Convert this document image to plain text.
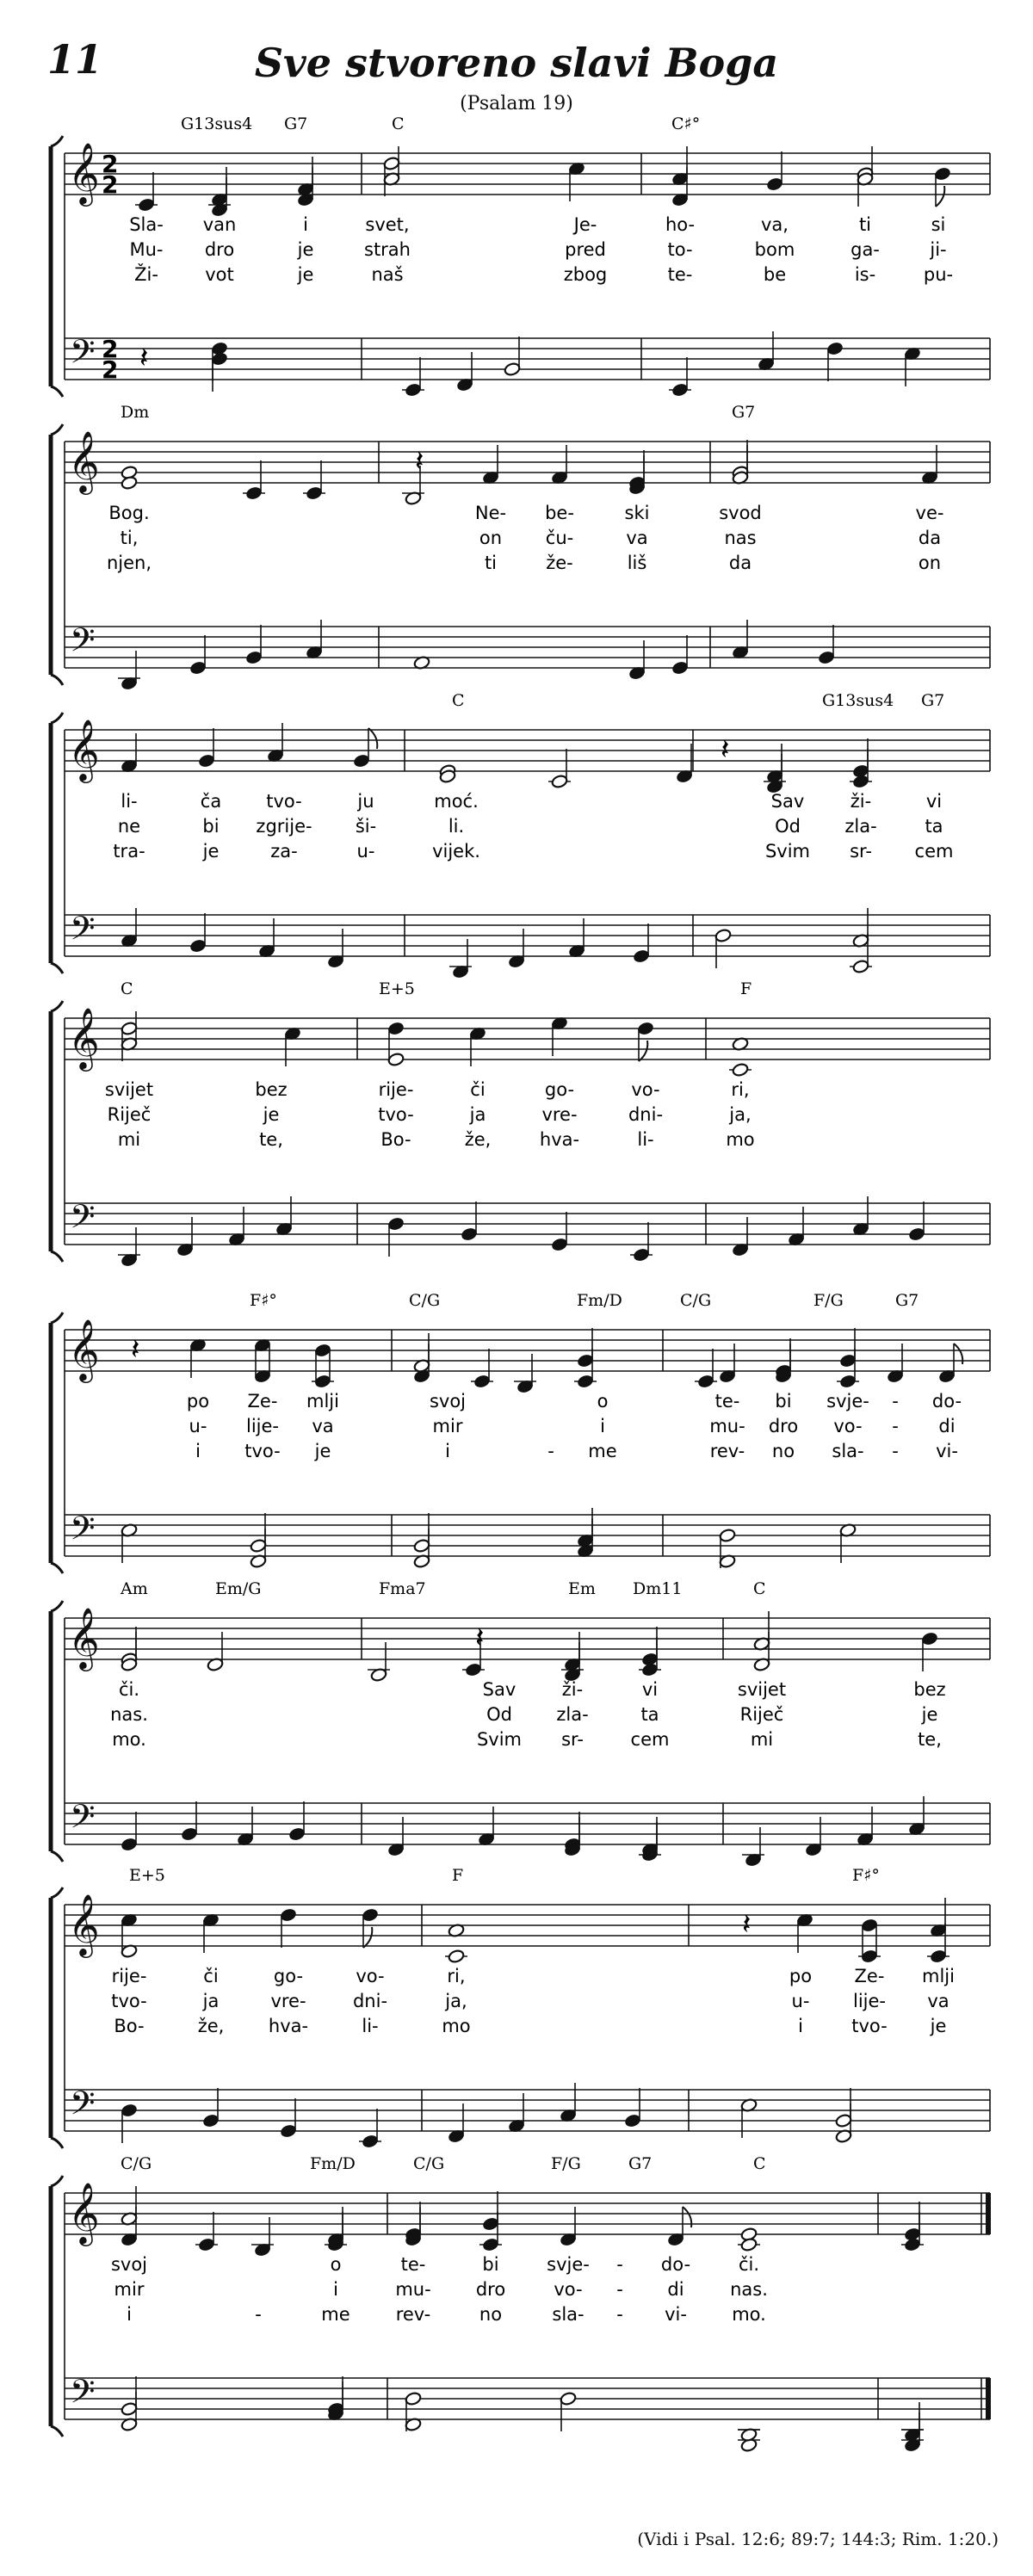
11	Sve stvoreno slavi Boga
(Psalam 19)
G13sus4 G7	C	C♯°
Sla- van	i	svet,	Je-	ho-	va,	ti	si
Mu- dro	je	strah	pred	to-	bom	ga-	ji-
Ži-	vot	je	naš	zbog	te-	be	is-	pu-
𝄞
𝄢
2
2
2
2 𝄽
Dm	G7
Bog.	Ne- be-	ski	svod	ve-
ti,	on ču-	va	nas	da
njen,	ti	že-	liš	da	on
𝄞
𝄢
𝄽
C	G13sus4 G7
li-	ča tvo-	ju	moć.	Sav	ži-	vi
ne	bi zgrije- ši-	li.	Od zla-	ta
tra-	je	za-	u-	vijek.	Svim sr- cem
𝄞
𝄢
𝄽
C	E+5	F
svijet	bez	rije-	či	go-	vo-	ri,
Riječ	je	tvo-	ja	vre-	dni-	ja,
mi	te,	Bo-	že,	hva-	li-	mo
𝄞
𝄢
F♯°	C/G	Fm/D	C/G	F/G	G7
po Ze- mlji	svoj	o	te- bi svje- - do-
u- lije- va	mir	i	mu- dro vo- - di
i tvo- je	i	- me	rev- no sla- - vi-
𝄞
𝄢
𝄽
Am	Em/G	Fma7	Em Dm11	C
či.	Sav	ži-	vi	svijet	bez
nas.	Od zla-	ta	Riječ	je
mo.	Svim sr-	cem	mi	te,
𝄞
𝄢
𝄽
E+5	F	F♯°
rije-	či	go-	vo-	ri,	po Ze- mlji
tvo-	ja	vre-	dni-	ja,	u- lije- va
Bo-	že, hva-	li-	mo	i	tvo- je
𝄞
𝄢
𝄽
C/G	Fm/D	C/G	F/G	G7	C
svoj	o	te-	bi	svje- - do-	či.
mir	i	mu- dro	vo- - di	nas.
i	-	me	rev-	no	sla- - vi- mo.
𝄞
𝄢
(Vidi i Psal. 12:6; 89:7; 144:3; Rim. 1:20.)
